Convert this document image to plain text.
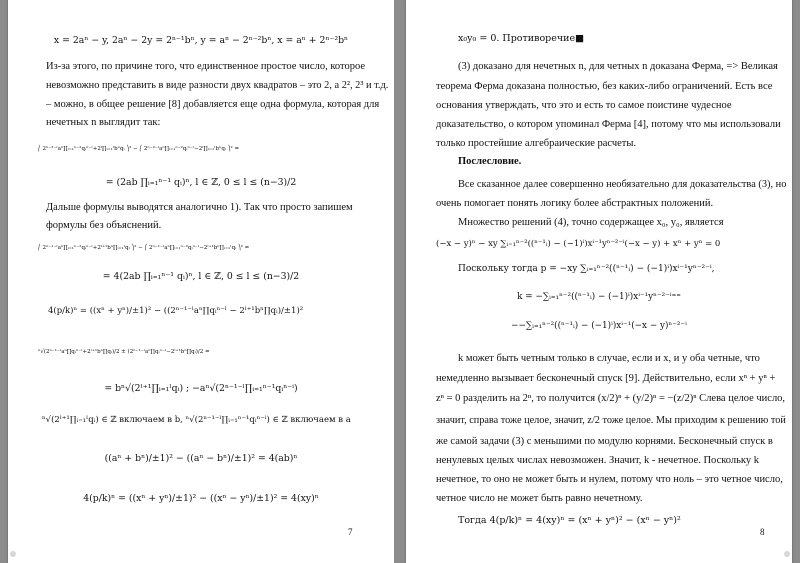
x = 2aⁿ − y, 2aⁿ − 2y = 2ⁿ⁻¹bⁿ, y = aⁿ − 2ⁿ⁻²bⁿ, x = aⁿ + 2ⁿ⁻²bⁿ
Из-за этого, по причине того, что единственное простое число, которое
невозможно представить в виде разности двух квадратов – это 2, а 2², 2³ и т.д.
– можно, в общее решение [8] добавляется еще одна формула, которая для
нечетных n выглядит так:
⎛ 2ⁿ⁻²⁻ˡaⁿ∏ᵢ₌₁ⁿ⁻²qᵢⁿ⁻ˡ+2ˡ∏ᵢ₌₁ˡbⁿqᵢ ⎞² − ⎛ 2ⁿ⁻²⁻ˡaⁿ∏ᵢ₌₁ⁿ⁻²qᵢⁿ⁻ˡ−2ˡ∏ᵢ₌₁ˡbⁿqᵢ ⎞² =
= (2ab ∏ᵢ₌₁ⁿ⁻¹ qᵢ)ⁿ, l ∈ ℤ, 0 ≤ l ≤ (n−3)/2
Дальше формулы выводятся аналогично 1). Так что просто запишем
формулы без объяснений.
⎛ 2ⁿ⁻¹⁻ˡaⁿ∏ᵢ₌₁ⁿ⁻²qᵢⁿ⁻ˡ+2ˡ⁺¹bⁿ∏ᵢ₌₁ˡqᵢ ⎞² − ⎛ 2ⁿ⁻¹⁻ˡaⁿ∏ᵢ₌₁ⁿ⁻²qᵢⁿ⁻ˡ−2ˡ⁺¹bⁿ∏ᵢ₌₁ˡqᵢ ⎞² =
= 4(2ab ∏ᵢ₌₁ⁿ⁻¹ qᵢ)ⁿ, l ∈ ℤ, 0 ≤ l ≤ (n−3)/2
4(p/k)ⁿ = ((xⁿ + yⁿ)/±1)² − ((2ⁿ⁻¹⁻ˡaⁿ∏qᵢⁿ⁻ˡ − 2ˡ⁺¹bⁿ∏qᵢ)/±1)²
ⁿ√(2ⁿ⁻¹⁻ˡaⁿ∏qᵢⁿ⁻ˡ+2ˡ⁺¹bⁿ∏qᵢ)/2 ± (2ⁿ⁻¹⁻ˡaⁿ∏qᵢⁿ⁻ˡ−2ˡ⁺¹bⁿ∏qᵢ)/2 =
= bⁿ√(2ˡ⁺¹∏ᵢ₌₁ˡqᵢ) ; −aⁿ√(2ⁿ⁻¹⁻ˡ∏ᵢ₌₁ⁿ⁻¹qᵢⁿ⁻ⁱ)
ⁿ√(2ˡ⁺¹∏ᵢ₌₁ˡqᵢ) ∈ ℤ включаем в b, ⁿ√(2ⁿ⁻¹⁻ˡ∏ᵢ₌₁ⁿ⁻¹qᵢⁿ⁻ⁱ) ∈ ℤ включаем в a
((aⁿ + bⁿ)/±1)² − ((aⁿ − bⁿ)/±1)² = 4(ab)ⁿ
4(p/k)ⁿ = ((xⁿ + yⁿ)/±1)² − ((xⁿ − yⁿ)/±1)² = 4(xy)ⁿ
7
x₀y₀ = 0. Противоречие■
(3) доказано для нечетных n, для четных n доказана Ферма, => Великая
теорема Ферма доказана полностью, без каких-либо ограничений. Есть все
основания утверждать, что это и есть то самое поистине чудесное
доказательство, о котором упоминал Ферма [4], потому что мы использовали
только простейшие алгебраические расчеты.
Послесловие.
Все сказанное далее совершенно необязательно для доказательства (3), но
очень помогает понять логику более абстрактных положений.
Множество решений (4), точно содержащее x₀, y₀, является
(−x − y)ⁿ − xy ∑ᵢ₌₁ⁿ⁻²((ⁿ⁻¹ᵢ) − (−1)ⁱ)xⁱ⁻¹yⁿ⁻²⁻ⁱ(−x − y) + xⁿ + yⁿ = 0
Поскольку тогда p = −xy ∑ᵢ₌₁ⁿ⁻²((ⁿ⁻¹ᵢ) − (−1)ⁱ)xⁱ⁻¹yⁿ⁻²⁻ⁱ,
k = −∑ᵢ₌₁ⁿ⁻²((ⁿ⁻¹ᵢ) − (−1)ⁱ)xⁱ⁻¹yⁿ⁻²⁻ⁱ⁼⁼
−−∑ᵢ₌₁ⁿ⁻²((ⁿ⁻¹ᵢ) − (−1)ⁱ)xⁱ⁻¹(−x − y)ⁿ⁻²⁻ⁱ
k может быть четным только в случае, если и x, и y оба четные, что
немедленно вызывает бесконечный спуск [9]. Действительно, если xⁿ + yⁿ +
zⁿ = 0 разделить на 2ⁿ, то получится (x/2)ⁿ + (y/2)ⁿ = −(z/2)ⁿ Слева целое число,
значит, справа тоже целое, значит, z/2 тоже целое. Мы приходим к решению той
же самой задачи (3) с меньшими по модулю корнями. Бесконечный спуск в
ненулевых целых числах невозможен. Значит, k - нечетное. Поскольку k
нечетное, то оно не может быть и нулем, потому что ноль – это четное число,
четное число не может быть равно нечетному.
Тогда 4(p/k)ⁿ = 4(xy)ⁿ = (xⁿ + yⁿ)² − (xⁿ − yⁿ)²
8
